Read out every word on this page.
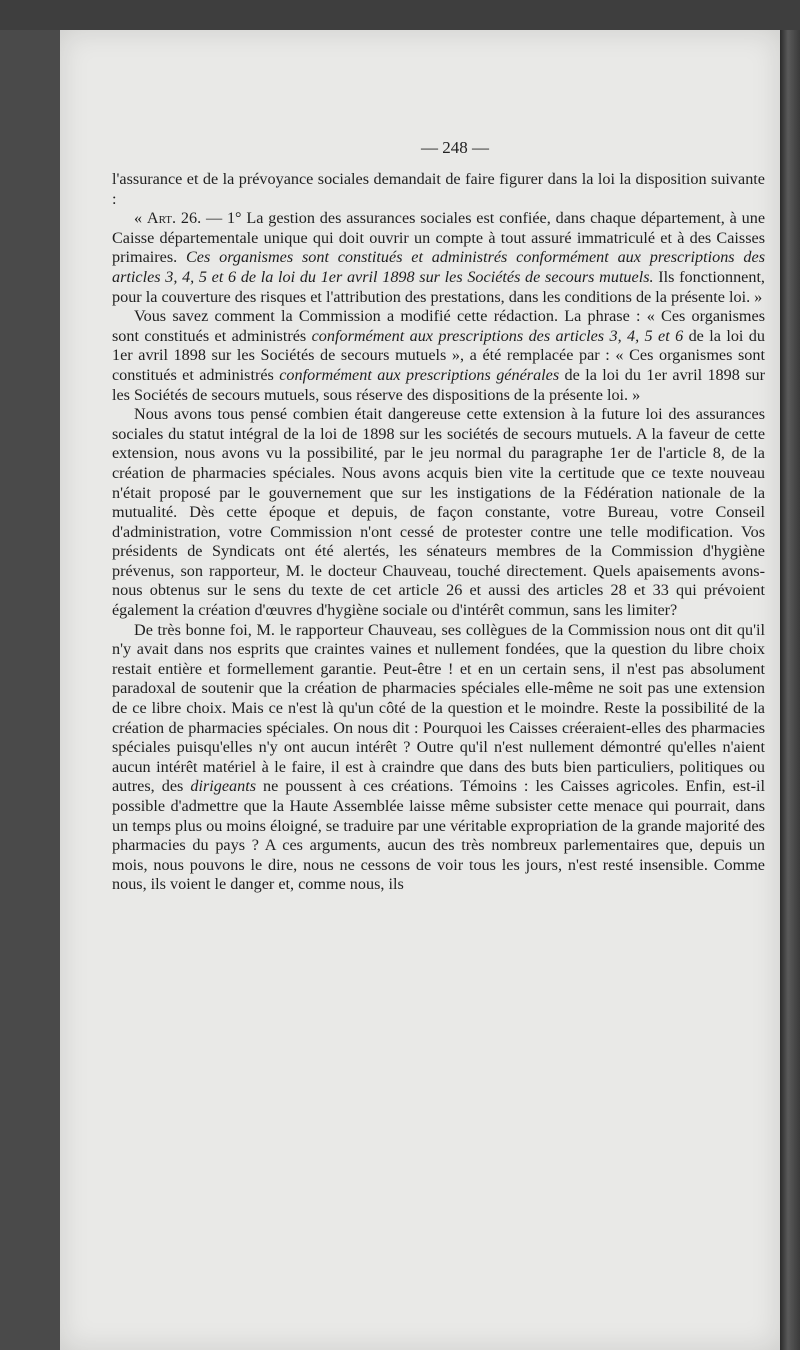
— 248 —

l'assurance et de la prévoyance sociales demandait de faire figurer dans la loi la disposition suivante :

« Art. 26. — 1° La gestion des assurances sociales est confiée, dans chaque département, à une Caisse départementale unique qui doit ouvrir un compte à tout assuré immatriculé et à des Caisses primaires. Ces organismes sont constitués et administrés conformément aux prescriptions des articles 3, 4, 5 et 6 de la loi du 1er avril 1898 sur les Sociétés de secours mutuels. Ils fonctionnent, pour la couverture des risques et l'attribution des prestations, dans les conditions de la présente loi. »

Vous savez comment la Commission a modifié cette rédaction. La phrase : « Ces organismes sont constitués et administrés conformément aux prescriptions des articles 3, 4, 5 et 6 de la loi du 1er avril 1898 sur les Sociétés de secours mutuels », a été remplacée par : « Ces organismes sont constitués et administrés conformément aux prescriptions générales de la loi du 1er avril 1898 sur les Sociétés de secours mutuels, sous réserve des dispositions de la présente loi. »

Nous avons tous pensé combien était dangereuse cette extension à la future loi des assurances sociales du statut intégral de la loi de 1898 sur les sociétés de secours mutuels. A la faveur de cette extension, nous avons vu la possibilité, par le jeu normal du paragraphe 1er de l'article 8, de la création de pharmacies spéciales. Nous avons acquis bien vite la certitude que ce texte nouveau n'était proposé par le gouvernement que sur les instigations de la Fédération nationale de la mutualité. Dès cette époque et depuis, de façon constante, votre Bureau, votre Conseil d'administration, votre Commission n'ont cessé de protester contre une telle modification. Vos présidents de Syndicats ont été alertés, les sénateurs membres de la Commission d'hygiène prévenus, son rapporteur, M. le docteur Chauveau, touché directement. Quels apaisements avons-nous obtenus sur le sens du texte de cet article 26 et aussi des articles 28 et 33 qui prévoient également la création d'œuvres d'hygiène sociale ou d'intérêt commun, sans les limiter?

De très bonne foi, M. le rapporteur Chauveau, ses collègues de la Commission nous ont dit qu'il n'y avait dans nos esprits que craintes vaines et nullement fondées, que la question du libre choix restait entière et formellement garantie. Peut-être ! et en un certain sens, il n'est pas absolument paradoxal de soutenir que la création de pharmacies spéciales elle-même ne soit pas une extension de ce libre choix. Mais ce n'est là qu'un côté de la question et le moindre. Reste la possibilité de la création de pharmacies spéciales. On nous dit : Pourquoi les Caisses créeraient-elles des pharmacies spéciales puisqu'elles n'y ont aucun intérêt ? Outre qu'il n'est nullement démontré qu'elles n'aient aucun intérêt matériel à le faire, il est à craindre que dans des buts bien particuliers, politiques ou autres, des dirigeants ne poussent à ces créations. Témoins : les Caisses agricoles. Enfin, est-il possible d'admettre que la Haute Assemblée laisse même subsister cette menace qui pourrait, dans un temps plus ou moins éloigné, se traduire par une véritable expropriation de la grande majorité des pharmacies du pays ? A ces arguments, aucun des très nombreux parlementaires que, depuis un mois, nous pouvons le dire, nous ne cessons de voir tous les jours, n'est resté insensible. Comme nous, ils voient le danger et, comme nous, ils
